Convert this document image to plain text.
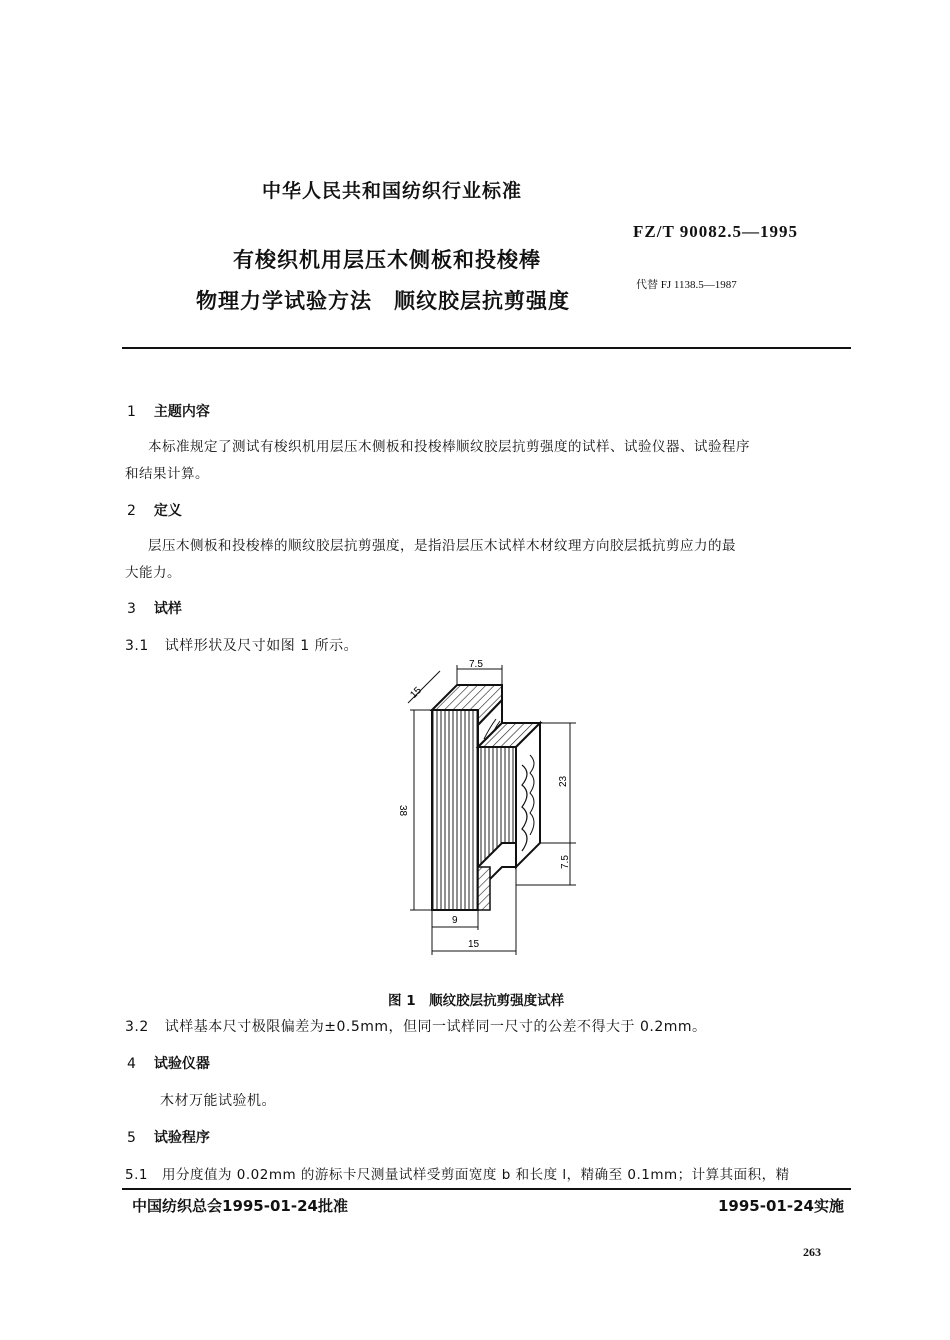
中华人民共和国纺织行业标准
FZ/T 90082.5—1995
有梭织机用层压木侧板和投梭棒
物理力学试验方法　顺纹胶层抗剪强度
代替 FJ 1138.5—1987
1 主题内容
本标准规定了测试有梭织机用层压木侧板和投梭棒顺纹胶层抗剪强度的试样、试验仪器、试验程序
和结果计算。
2 定义
层压木侧板和投梭棒的顺纹胶层抗剪强度，是指沿层压木试样木材纹理方向胶层抵抗剪应力的最
大能力。
3 试样
3.1 试样形状及尺寸如图 1 所示。
7.5
15
38
23
7.5
9
15
图 1　顺纹胶层抗剪强度试样
3.2 试样基本尺寸极限偏差为±0.5mm，但同一试样同一尺寸的公差不得大于 0.2mm。
4 试验仪器
木材万能试验机。
5 试验程序
5.1 用分度值为 0.02mm 的游标卡尺测量试样受剪面宽度 b 和长度 l，精确至 0.1mm；计算其面积，精
中国纺织总会1995-01-24批准	1995-01-24实施
263
